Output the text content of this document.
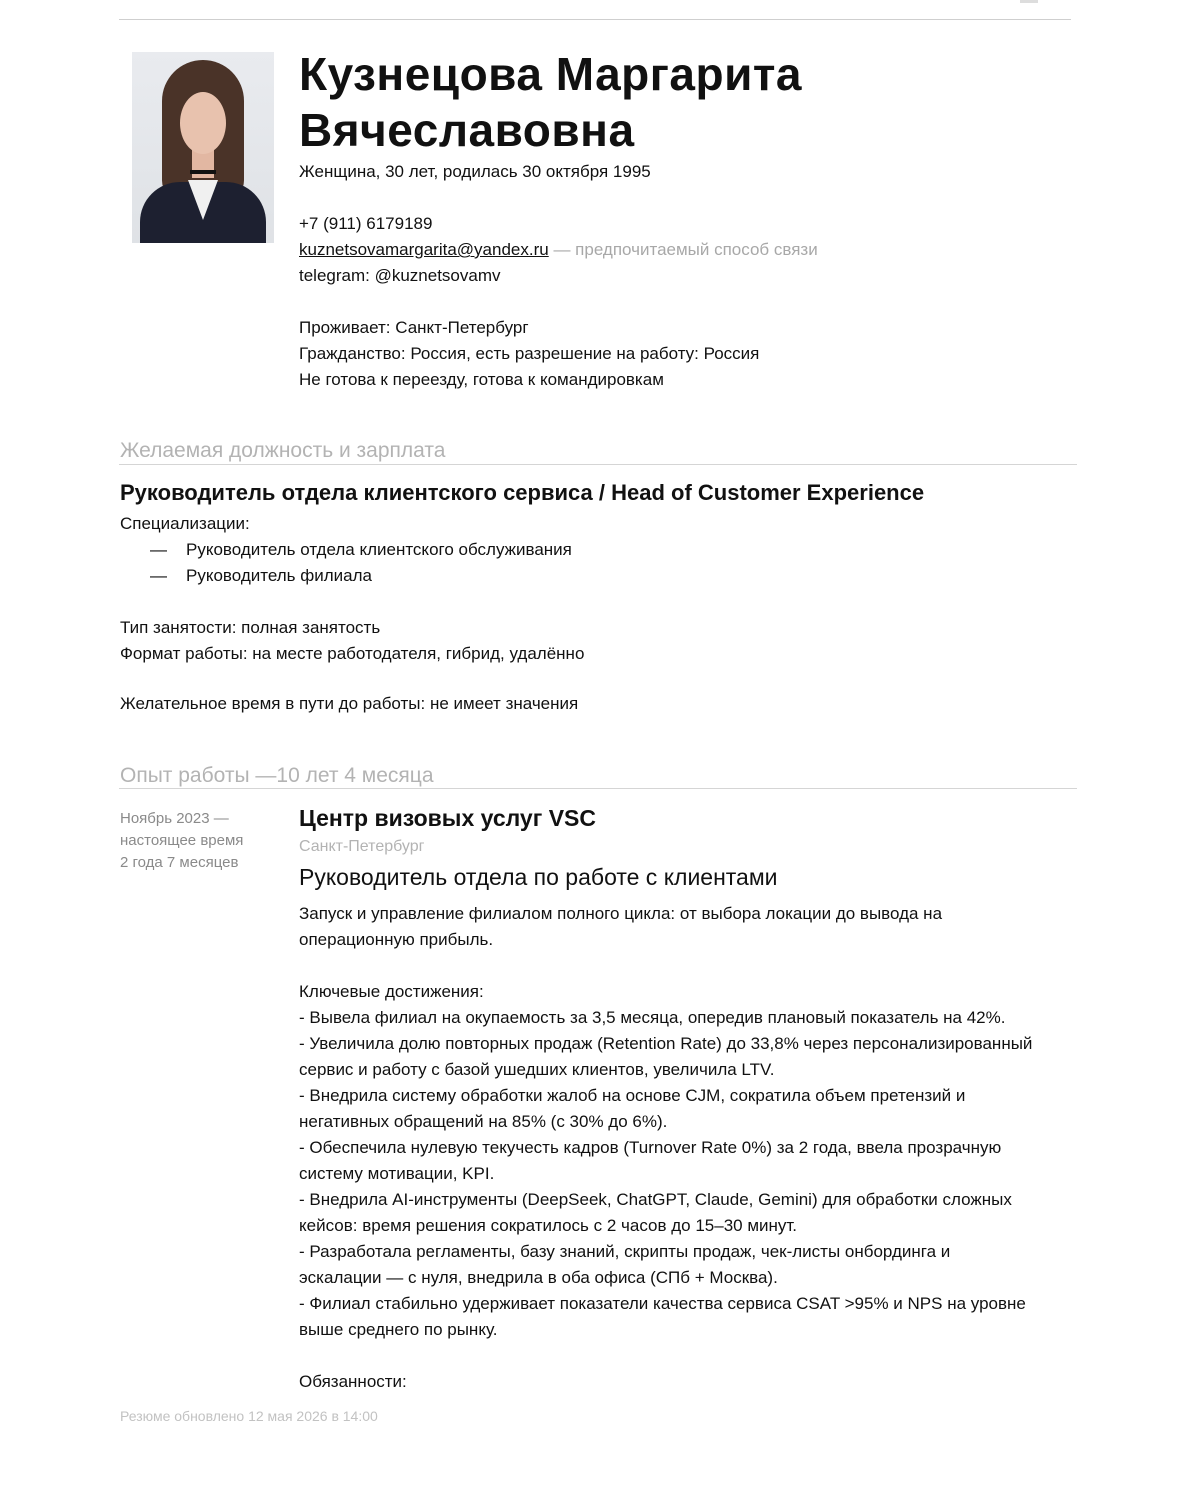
Кузнецова Маргарита
Вячеславовна
Женщина, 30 лет, родилась 30 октября 1995
+7 (911) 6179189
kuznetsovamargarita@yandex.ru — предпочитаемый способ связи
telegram: @kuznetsovamv
Проживает: Санкт-Петербург
Гражданство: Россия, есть разрешение на работу: Россия
Не готова к переезду, готова к командировкам
Желаемая должность и зарплата
Руководитель отдела клиентского сервиса / Head of Customer Experience
Специализации:
— Руководитель отдела клиентского обслуживания
— Руководитель филиала
Тип занятости: полная занятость
Формат работы: на месте работодателя, гибрид, удалённо
Желательное время в пути до работы: не имеет значения
Опыт работы —10 лет 4 месяца
Ноябрь 2023 —
настоящее время
2 года 7 месяцев
Центр визовых услуг VSC
Санкт-Петербург
Руководитель отдела по работе с клиентами

Запуск и управление филиалом полного цикла: от выбора локации до вывода на
операционную прибыль.

Ключевые достижения:

- Вывела филиал на окупаемость за 3,5 месяца, опередив плановый показатель на 42%.

- Увеличила долю повторных продаж (Retention Rate) до 33,8% через персонализированный
сервис и работу с базой ушедших клиентов, увеличила LTV.

- Внедрила систему обработки жалоб на основе CJM, сократила объем претензий и
негативных обращений на 85% (с 30% до 6%).

- Обеспечила нулевую текучесть кадров (Turnover Rate 0%) за 2 года, ввела прозрачную
систему мотивации, KPI.

- Внедрила AI-инструменты (DeepSeek, ChatGPT, Claude, Gemini) для обработки сложных
кейсов: время решения сократилось с 2 часов до 15–30 минут.

- Разработала регламенты, базу знаний, скрипты продаж, чек-листы онбординга и
эскалации — с нуля, внедрила в оба офиса (СПб + Москва).

- Филиал стабильно удерживает показатели качества сервиса CSAT >95% и NPS на уровне
выше среднего по рынку.

Обязанности:

Резюме обновлено 12 мая 2026 в 14:00
